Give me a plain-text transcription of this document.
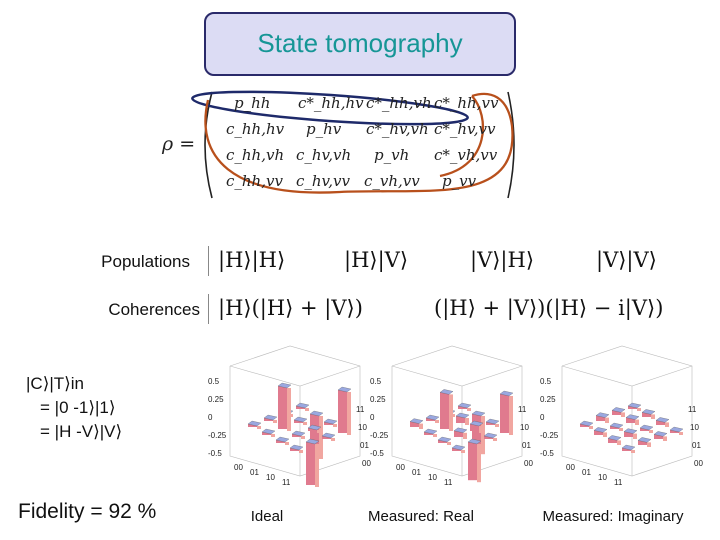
State tomography
ρ =
p_hh c*_hh,hv c*_hh,vh c*_hh,vv
c_hh,hv p_hv c*_hv,vh c*_hv,vv
c_hh,vh c_hv,vh p_vh c*_vh,vv
c_hh,vv c_hv,vv c_vh,vv p_vv
Populations |H⟩|H⟩	|H⟩|V⟩	|V⟩|H⟩	|V⟩|V⟩
Coherences |H⟩(|H⟩ + |V⟩)	(|H⟩ + |V⟩)(|H⟩ − i|V⟩)
|C⟩|T⟩in
= |0 -1⟩|1⟩
= |H -V⟩|V⟩
Fidelity = 92 %
0.5
0.25
0
-0.25
-0.5
00	00
01
01
10
10
11
11
0.5
0.25
0
-0.25
-0.5
00	00
01
01
10
10
11
11
0.5
0.25
0
-0.25
-0.5
00	00
01
01
10
10
11
11
Ideal	Measured: Real	Measured: Imaginary
